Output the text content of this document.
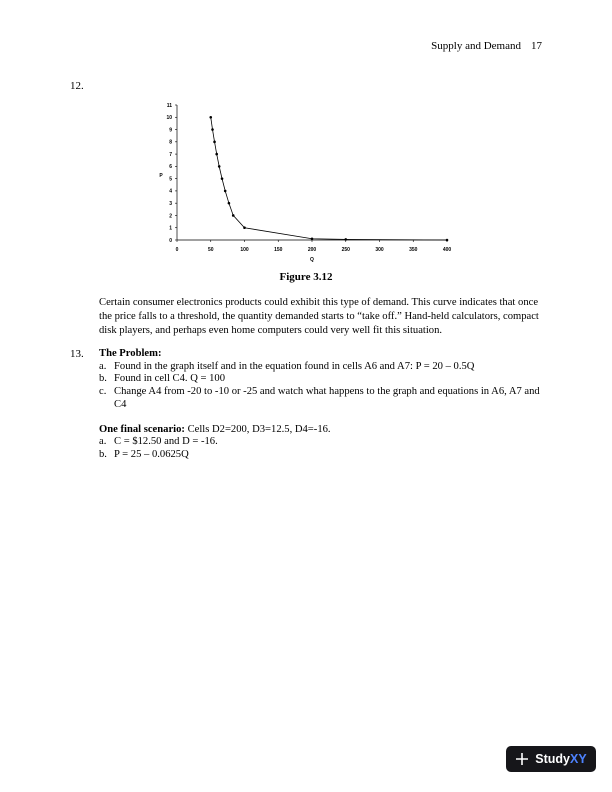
Supply and Demand 17
12.
0
1
2
3
4
5
6
7
8
9
10
11
0	50	100	150	200	250	300	350	400
Q
P
Figure 3.12
Certain consumer electronics products could exhibit this type of demand. This curve indicates that once the price falls to a threshold, the quantity demanded starts to “take off.” Hand-held calculators, compact disk players, and perhaps even home computers could very well fit this situation.
13. The Problem:
a. Found in the graph itself and in the equation found in cells A6 and A7: P = 20 – 0.5Q
b. Found in cell C4. Q = 100
c. Change A4 from -20 to -10 or -25 and watch what happens to the graph and equations in A6, A7 and C4
One final scenario: Cells D2=200, D3=12.5, D4=-16.
a. C = $12.50 and D = -16.
b. P = 25 – 0.0625Q
Study XY
